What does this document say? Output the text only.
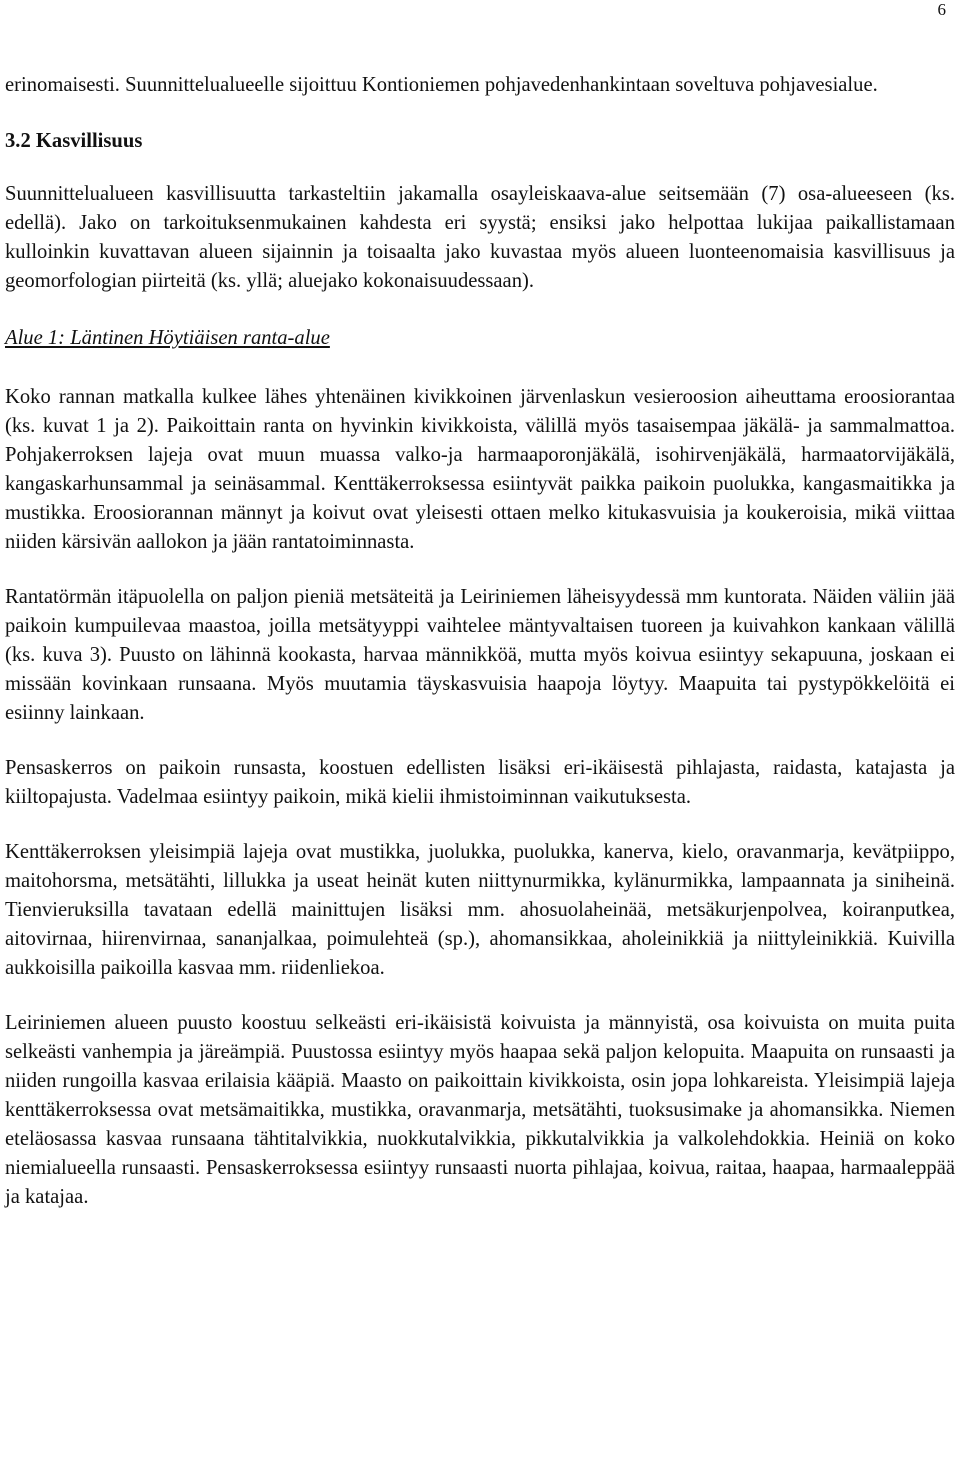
6

erinomaisesti. Suunnittelualueelle sijoittuu Kontioniemen pohjavedenhankintaan soveltuva pohjavesialue.

3.2 Kasvillisuus

Suunnittelualueen kasvillisuutta tarkasteltiin jakamalla osayleiskaava-alue seitsemään (7) osa-alueeseen (ks. edellä). Jako on tarkoituksenmukainen kahdesta eri syystä; ensiksi jako helpottaa lukijaa paikallistamaan kulloinkin kuvattavan alueen sijainnin ja toisaalta jako kuvastaa myös alueen luonteenomaisia kasvillisuus ja geomorfologian piirteitä (ks. yllä; aluejako kokonaisuudessaan).

Alue 1: Läntinen Höytiäisen ranta-alue

Koko rannan matkalla kulkee lähes yhtenäinen kivikkoinen järvenlaskun vesieroosion aiheuttama eroosiorantaa (ks. kuvat 1 ja 2). Paikoittain ranta on hyvinkin kivikkoista, välillä myös tasaisempaa jäkälä- ja sammalmattoa. Pohjakerroksen lajeja ovat muun muassa valko-ja harmaaporonjäkälä, isohirvenjäkälä, harmaatorvijäkälä, kangaskarhunsammal ja seinäsammal. Kenttäkerroksessa esiintyvät paikka paikoin puolukka, kangasmaitikka ja mustikka. Eroosiorannan männyt ja koivut ovat yleisesti ottaen melko kitukasvuisia ja koukeroisia, mikä viittaa niiden kärsivän aallokon ja jään rantatoiminnasta.

Rantatörmän itäpuolella on paljon pieniä metsäteitä ja Leiriniemen läheisyydessä mm kuntorata. Näiden väliin jää paikoin kumpuilevaa maastoa, joilla metsätyyppi vaihtelee mäntyvaltaisen tuoreen ja kuivahkon kankaan välillä (ks. kuva 3). Puusto on lähinnä kookasta, harvaa männikköä, mutta myös koivua esiintyy sekapuuna, joskaan ei missään kovinkaan runsaana. Myös muutamia täyskasvuisia haapoja löytyy. Maapuita tai pystypökkelöitä ei esiinny lainkaan.

Pensaskerros on paikoin runsasta, koostuen edellisten lisäksi eri-ikäisestä pihlajasta, raidasta, katajasta ja kiiltopajusta. Vadelmaa esiintyy paikoin, mikä kielii ihmistoiminnan vaikutuksesta.

Kenttäkerroksen yleisimpiä lajeja ovat mustikka, juolukka, puolukka, kanerva, kielo, oravanmarja, kevätpiippo, maitohorsma, metsätähti, lillukka ja useat heinät kuten niittynurmikka, kylänurmikka, lampaannata ja siniheinä. Tienvieruksilla tavataan edellä mainittujen lisäksi mm. ahosuolaheinää, metsäkurjenpolvea, koiranputkea, aitovirnaa, hiirenvirnaa, sananjalkaa, poimulehteä (sp.), ahomansikkaa, aholeinikkiä ja niittyleinikkiä. Kuivilla aukkoisilla paikoilla kasvaa mm. riidenliekoa.

Leiriniemen alueen puusto koostuu selkeästi eri-ikäisistä koivuista ja männyistä, osa koivuista on muita puita selkeästi vanhempia ja järeämpiä. Puustossa esiintyy myös haapaa sekä paljon kelopuita. Maapuita on runsaasti ja niiden rungoilla kasvaa erilaisia kääpiä. Maasto on paikoittain kivikkoista, osin jopa lohkareista. Yleisimpiä lajeja kenttäkerroksessa ovat metsämaitikka, mustikka, oravanmarja, metsätähti, tuoksusimake ja ahomansikka. Niemen eteläosassa kasvaa runsaana tähtitalvikkia, nuokkutalvikkia, pikkutalvikkia ja valkolehdokkia. Heiniä on koko niemialueella runsaasti. Pensaskerroksessa esiintyy runsaasti nuorta pihlajaa, koivua, raitaa, haapaa, harmaaleppää ja katajaa.
